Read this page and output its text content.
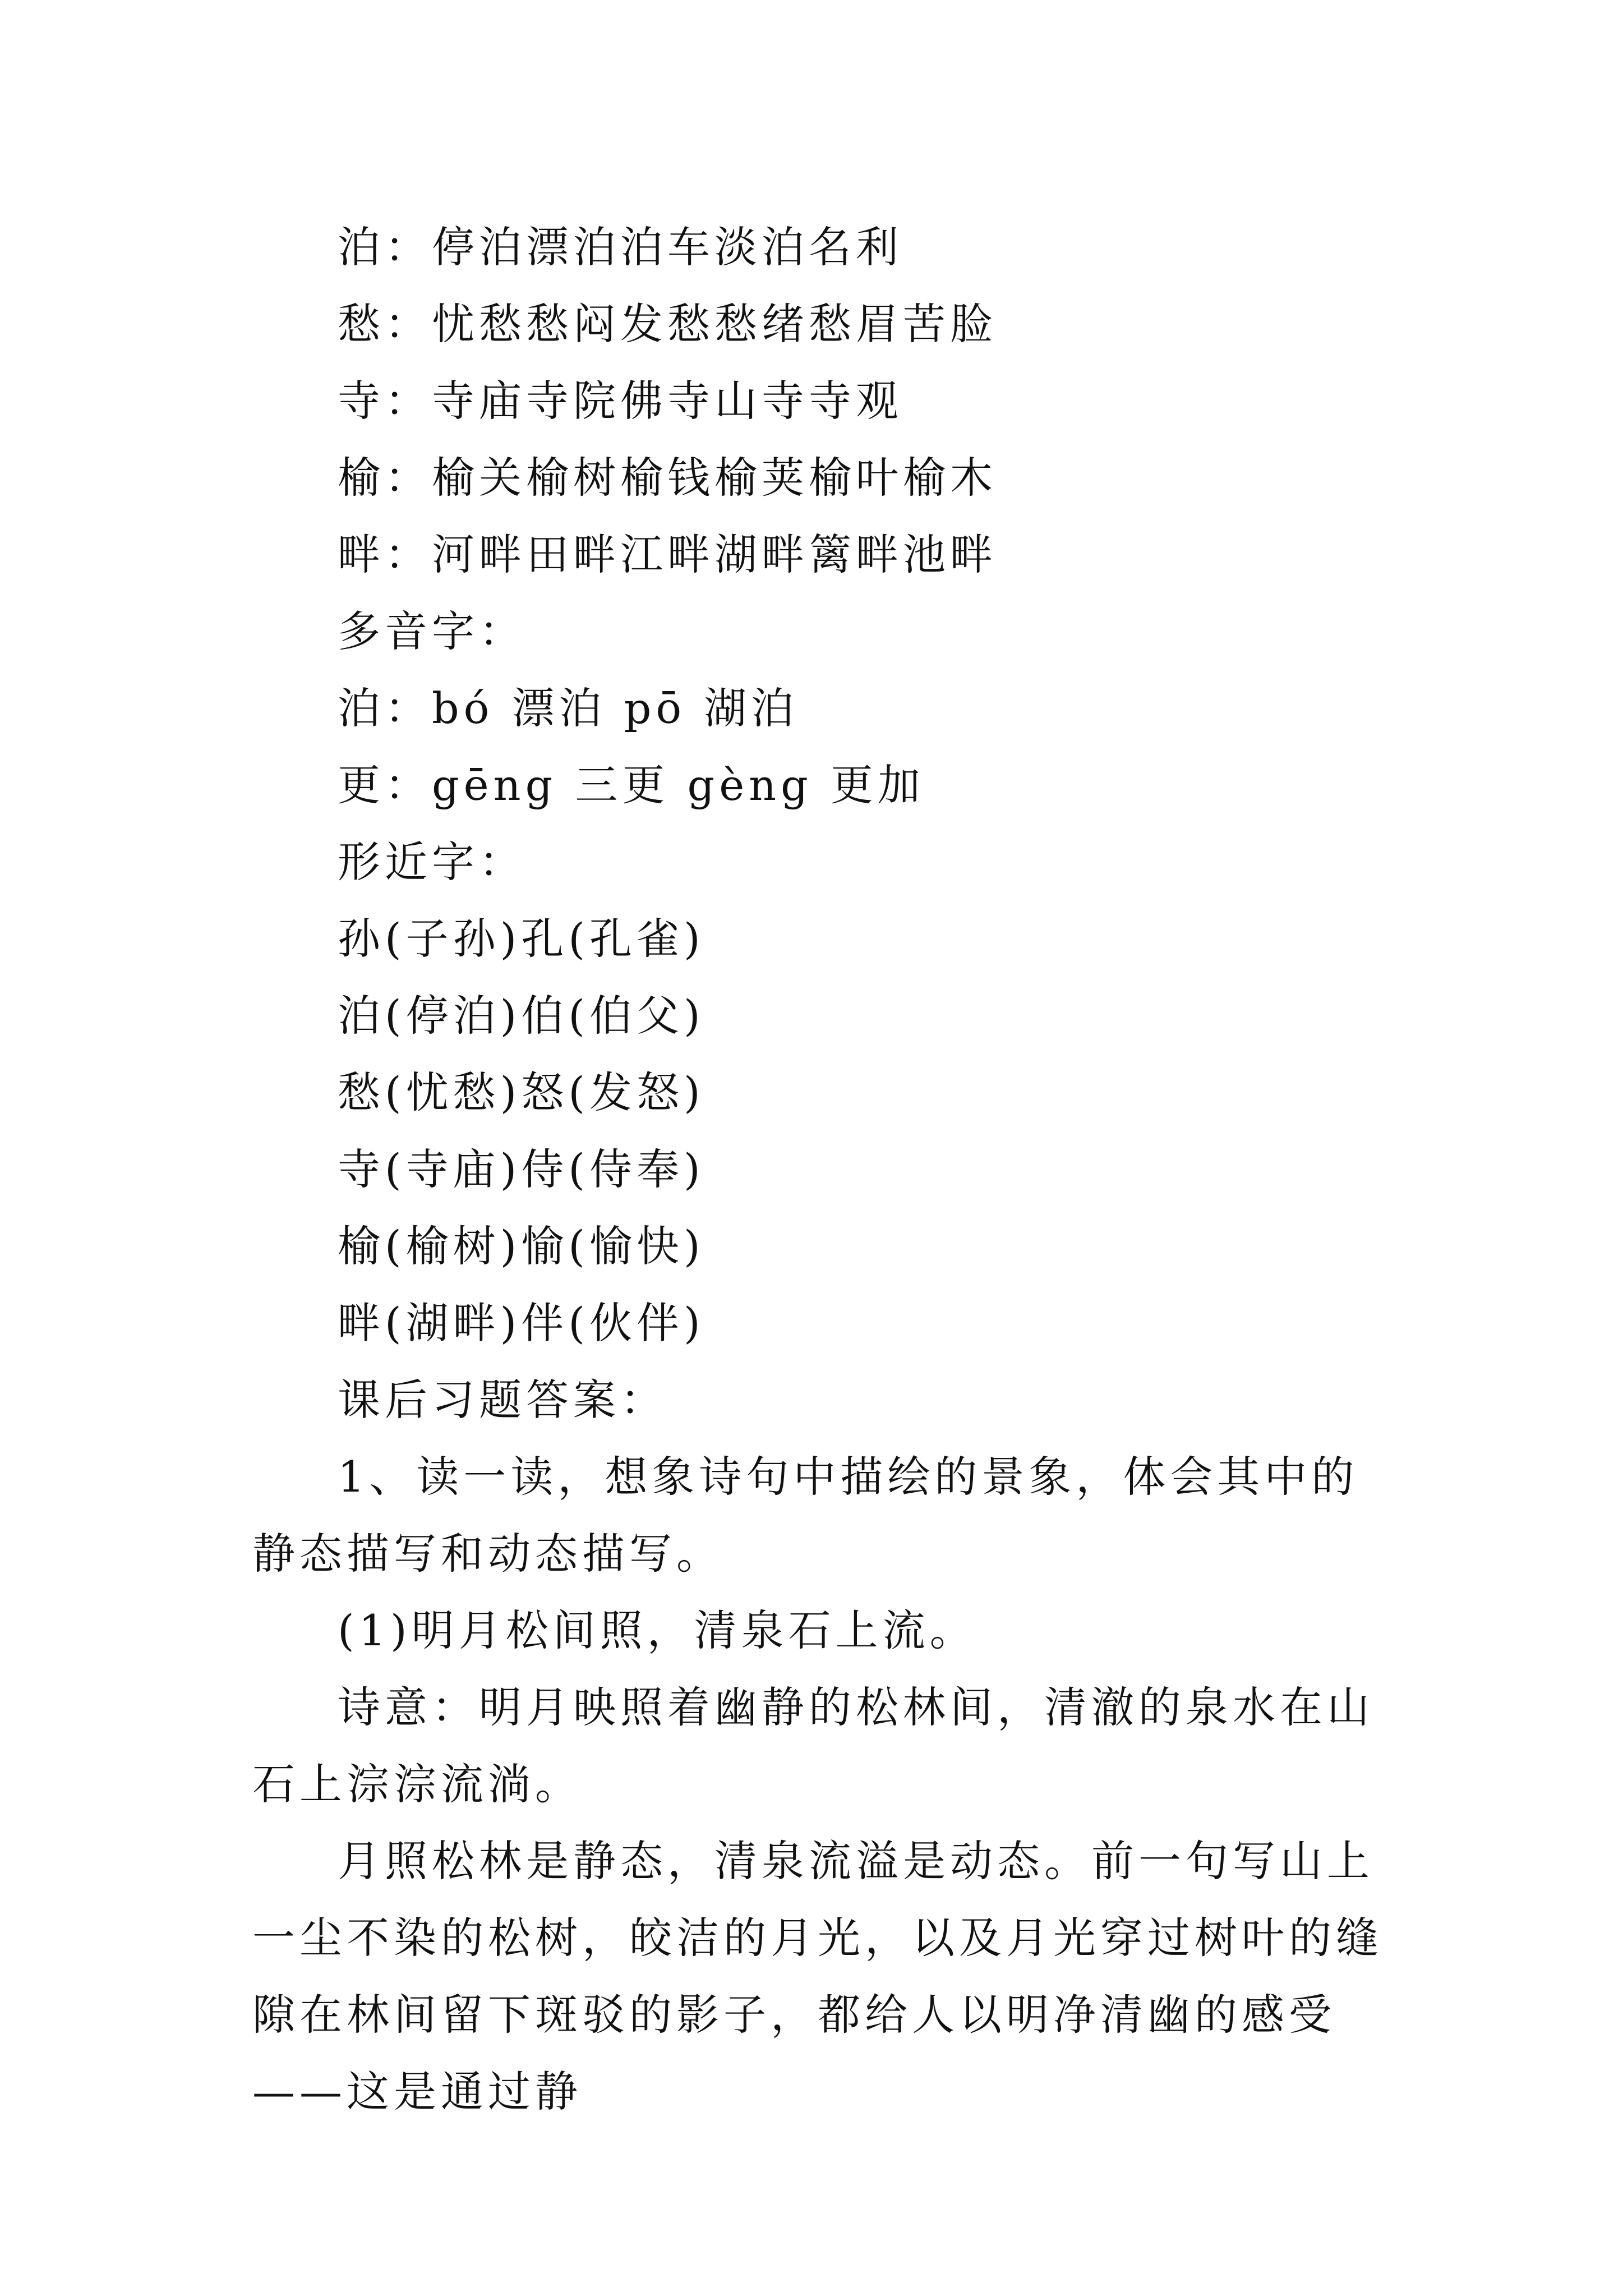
泊：停泊漂泊泊车淡泊名利
愁：忧愁愁闷发愁愁绪愁眉苦脸
寺：寺庙寺院佛寺山寺寺观
榆：榆关榆树榆钱榆荚榆叶榆木
畔：河畔田畔江畔湖畔篱畔池畔
多音字：
泊：bó 漂泊 pō 湖泊
更：gēng 三更 gèng 更加
形近字：
孙(子孙)孔(孔雀)
泊(停泊)伯(伯父)
愁(忧愁)怒(发怒)
寺(寺庙)侍(侍奉)
榆(榆树)愉(愉快)
畔(湖畔)伴(伙伴)
课后习题答案：
1、读一读，想象诗句中描绘的景象，体会其中的静态描写和动态描写。
(1)明月松间照，清泉石上流。
诗意：明月映照着幽静的松林间，清澈的泉水在山石上淙淙流淌。
月照松林是静态，清泉流溢是动态。前一句写山上一尘不染的松树，皎洁的月光，以及月光穿过树叶的缝隙在林间留下斑驳的影子，都给人以明净清幽的感受——这是通过静
